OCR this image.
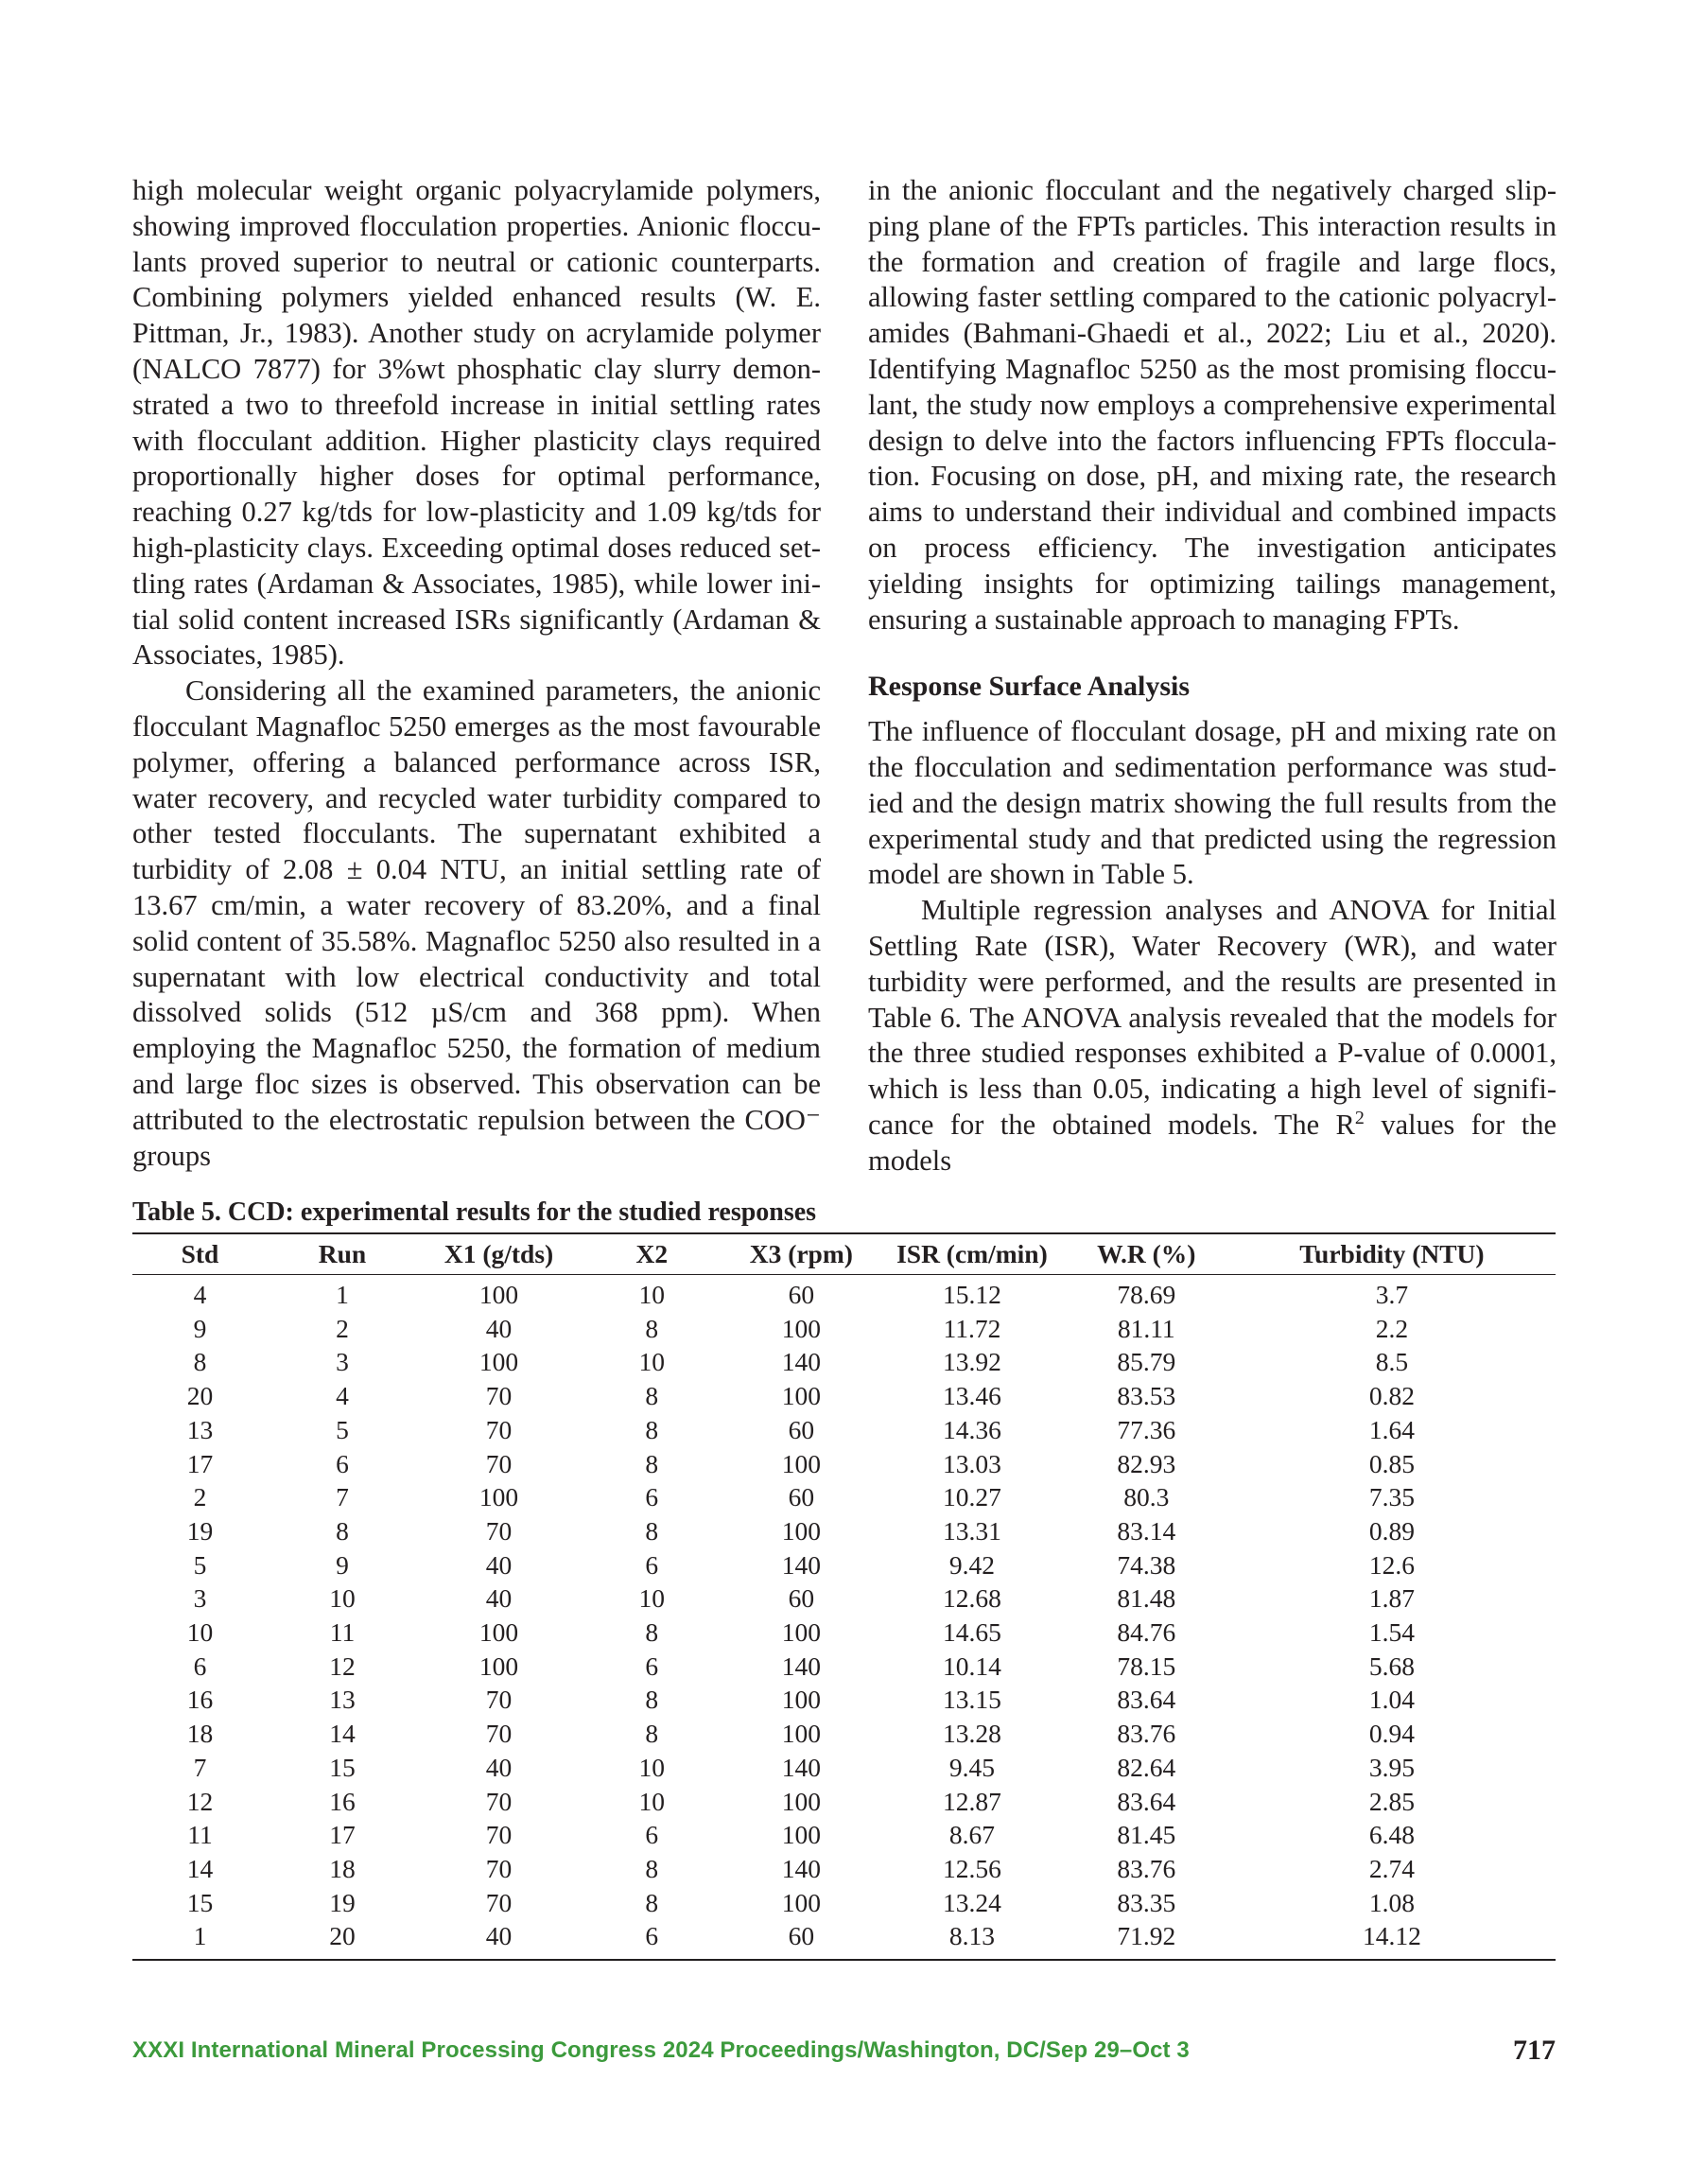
high molecular weight organic polyacrylamide polymers, showing improved flocculation properties. Anionic flocculants proved superior to neutral or cationic counterparts. Combining polymers yielded enhanced results (W. E. Pittman, Jr., 1983). Another study on acrylamide polymer (NALCO 7877) for 3%wt phosphatic clay slurry demonstrated a two to threefold increase in initial settling rates with flocculant addition. Higher plasticity clays required proportionally higher doses for optimal performance, reaching 0.27 kg/tds for low-plasticity and 1.09 kg/tds for high-plasticity clays. Exceeding optimal doses reduced settling rates (Ardaman & Associates, 1985), while lower initial solid content increased ISRs significantly (Ardaman & Associates, 1985).

Considering all the examined parameters, the anionic flocculant Magnafloc 5250 emerges as the most favourable polymer, offering a balanced performance across ISR, water recovery, and recycled water turbidity compared to other tested flocculants. The supernatant exhibited a turbidity of 2.08 ± 0.04 NTU, an initial settling rate of 13.67 cm/​min, a water recovery of 83.20%, and a final solid content of 35.58%. Magnafloc 5250 also resulted in a supernatant with low electrical conductivity and total dissolved solids (512 µS/cm and 368 ppm). When employing the Magnafloc 5250, the formation of medium and large floc sizes is observed. This observation can be attributed to the electrostatic repulsion between the COO⁻ groups

in the anionic flocculant and the negatively charged slipping plane of the FPTs particles. This interaction results in the formation and creation of fragile and large flocs, allowing faster settling compared to the cationic polyacrylamides (Bahmani-Ghaedi et al., 2022; Liu et al., 2020). Identifying Magnafloc 5250 as the most promising flocculant, the study now employs a comprehensive experimental design to delve into the factors influencing FPTs flocculation. Focusing on dose, pH, and mixing rate, the research aims to understand their individual and combined impacts on process efficiency. The investigation anticipates yielding insights for optimizing tailings management, ensuring a sustainable approach to managing FPTs.

Response Surface Analysis

The influence of flocculant dosage, pH and mixing rate on the flocculation and sedimentation performance was studied and the design matrix showing the full results from the experimental study and that predicted using the regression model are shown in Table 5.

Multiple regression analyses and ANOVA for Initial Settling Rate (ISR), Water Recovery (WR), and water turbidity were performed, and the results are presented in Table 6. The ANOVA analysis revealed that the models for the three studied responses exhibited a P-value of 0.0001, which is less than 0.05, indicating a high level of significance for the obtained models. The $R^2$ values for the models

Table 5. CCD: experimental results for the studied responses
Std	Run	X1 (g/tds)	X2	X3 (rpm)	ISR (cm/min)	W.R (%)	Turbidity (NTU)
4	1	100	10	60	15.12	78.69	3.7
9	2	40	8	100	11.72	81.11	2.2
8	3	100	10	140	13.92	85.79	8.5
20	4	70	8	100	13.46	83.53	0.82
13	5	70	8	60	14.36	77.36	1.64
17	6	70	8	100	13.03	82.93	0.85
2	7	100	6	60	10.27	80.3	7.35
19	8	70	8	100	13.31	83.14	0.89
5	9	40	6	140	9.42	74.38	12.6
3	10	40	10	60	12.68	81.48	1.87
10	11	100	8	100	14.65	84.76	1.54
6	12	100	6	140	10.14	78.15	5.68
16	13	70	8	100	13.15	83.64	1.04
18	14	70	8	100	13.28	83.76	0.94
7	15	40	10	140	9.45	82.64	3.95
12	16	70	10	100	12.87	83.64	2.85
11	17	70	6	100	8.67	81.45	6.48
14	18	70	8	140	12.56	83.76	2.74
15	19	70	8	100	13.24	83.35	1.08
1	20	40	6	60	8.13	71.92	14.12
XXXI International Mineral Processing Congress 2024 Proceedings/Washington, DC/Sep 29–Oct 3	717
